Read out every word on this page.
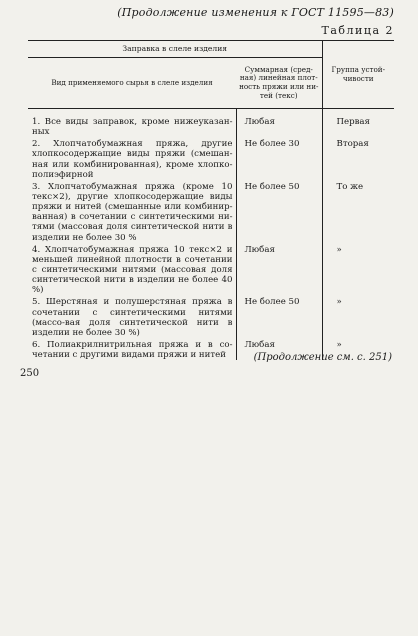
(Продолжение изменения к ГОСТ 11595—83)
Таблица 2
Заправка в слеле изделия		Группа устой-чивости
Вид применяемого сырья в слеле изделия	Суммарная (сред-ная) линейная плот-ность пряжи или ни-тей (текс)	
1. Все виды заправок, кроме нижеуказан-ных	Любая	Первая
2. Хлопчатобумажная пряжа, другие хлопкосодержащие виды пряжи (смешан-ная или комбинированная), кроме хлопко-полиэфирной	Не более 30	Вторая
3. Хлопчатобумажная пряжа (кроме 10 текс×2), другие хлопкосодержащие виды пряжи и нитей (смешанные или комбинир-ванная) в сочетании с синтетическими ни-тями (массовая доля синтетической нити в изделии не более 30 %	Не более 50	То же
4. Хлопчатобумажная пряжа 10 текс×2 и меньшей линейной плотности в сочетании с синтетическими нитями (массовая доля синтетической нити в изделии не более 40 %)	Любая	»
5. Шерстяная и полушерстяная пряжа в сочетании с синтетическими нитями (массо-вая доля синтетической нити в изделии не более 30 %)	Не более 50	»
6. Полиакрилнитрильная пряжа и в со-четании с другими видами пряжи и нитей	Любая	»
(Продолжение см. с. 251)
250
